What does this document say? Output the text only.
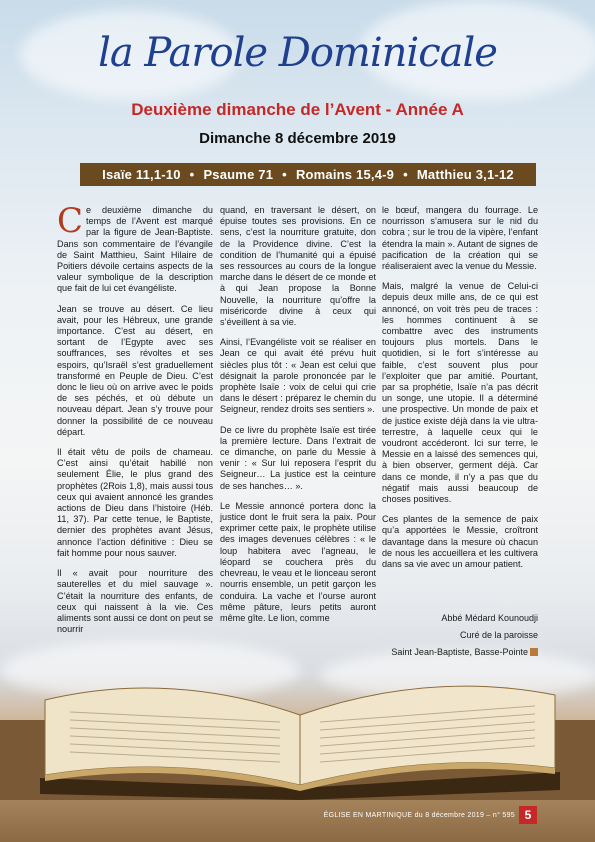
la Parole Dominicale
Deuxième dimanche de l’Avent - Année A
Dimanche 8 décembre 2019
Isaïe 11,1-10 • Psaume 71 • Romains 15,4-9 • Matthieu 3,1-12

Ce deuxième dimanche du temps de l’Avent est marqué par la figure de Jean-Baptiste. Dans son commentaire de l’évangile de Saint Matthieu, Saint Hilaire de Poitiers dévoile certains aspects de la valeur symbolique de la description que fait de lui cet évangéliste.

Jean se trouve au désert. Ce lieu avait, pour les Hébreux, une grande importance. C’est au désert, en sortant de l’Egypte avec ses souffrances, ses révoltes et ses espoirs, qu’Israël s’est graduellement transformé en Peuple de Dieu. C’est donc le lieu où on arrive avec le poids de ses péchés, et où débute un nouveau départ. Jean s’y trouve pour donner la possibilité de ce nouveau départ.

Il était vêtu de poils de chameau. C’est ainsi qu’était habillé non seulement Élie, le plus grand des prophètes (2Rois 1,8), mais aussi tous ceux qui avaient annoncé les grandes actions de Dieu dans l’histoire (Héb. 11, 37). Par cette tenue, le Baptiste, dernier des prophètes avant Jésus, annonce l’action définitive : Dieu se fait homme pour nous sauver.

Il « avait pour nourriture des sauterelles et du miel sauvage ». C’était la nourriture des enfants, de ceux qui naissent à la vie. Ces aliments sont aussi ce dont on peut se nourrir

quand, en traversant le désert, on épuise toutes ses provisions. En ce sens, c’est la nourriture gratuite, don de la Providence divine. C’est la condition de l’humanité qui a épuisé ses ressources au cours de la longue marche dans le désert de ce monde et à qui Jean propose la Bonne Nouvelle, la nourriture qu’offre la miséricorde divine à ceux qui s’éveillent à sa vie.

Ainsi, l’Evangéliste voit se réaliser en Jean ce qui avait été prévu huit siècles plus tôt : « Jean est celui que désignait la parole prononcée par le prophète Isaïe : voix de celui qui crie dans le désert : préparez le chemin du Seigneur, rendez droits ses sentiers ».

De ce livre du prophète Isaïe est tirée la première lecture. Dans l’extrait de ce dimanche, on parle du Messie à venir : « Sur lui reposera l’esprit du Seigneur… La justice est la ceinture de ses hanches… ».

Le Messie annoncé portera donc la justice dont le fruit sera la paix. Pour exprimer cette paix, le prophète utilise des images devenues célèbres : « le loup habitera avec l’agneau, le léopard se couchera près du chevreau, le veau et le lionceau seront nourris ensemble, un petit garçon les conduira. La vache et l’ourse auront même pâture, leurs petits auront même gîte. Le lion, comme

le bœuf, mangera du fourrage. Le nourrisson s’amusera sur le nid du cobra ; sur le trou de la vipère, l’enfant étendra la main ». Autant de signes de pacification de la création qui se réaliseraient avec la venue du Messie.

Mais, malgré la venue de Celui-ci depuis deux mille ans, de ce qui est annoncé, on voit très peu de traces : les hommes continuent à se combattre avec des instruments toujours plus mortels. Dans le quotidien, si le fort s’intéresse au faible, c’est souvent plus pour l’exploiter que par amitié. Pourtant, par sa prophétie, Isaïe n’a pas décrit un songe, une utopie. Il a déterminé une prospective. Un monde de paix et de justice existe déjà dans la vie ultra-terrestre, à laquelle ceux qui le voudront accéderont. Ici sur terre, le Messie en a laissé des semences qui, à bien observer, germent déjà. Car dans ce monde, il n’y a pas que du négatif mais aussi beaucoup de choses positives.

Ces plantes de la semence de paix qu’a apportées le Messie, croîtront davantage dans la mesure où chacun de nous les accueillera et les cultivera dans sa vie avec un amour patient.

Abbé Médard Kounoudji
Curé de la paroisse
Saint Jean-Baptiste, Basse-Pointe
ÉGLISE EN MARTINIQUE du 8 décembre 2019 – n° 595 5
